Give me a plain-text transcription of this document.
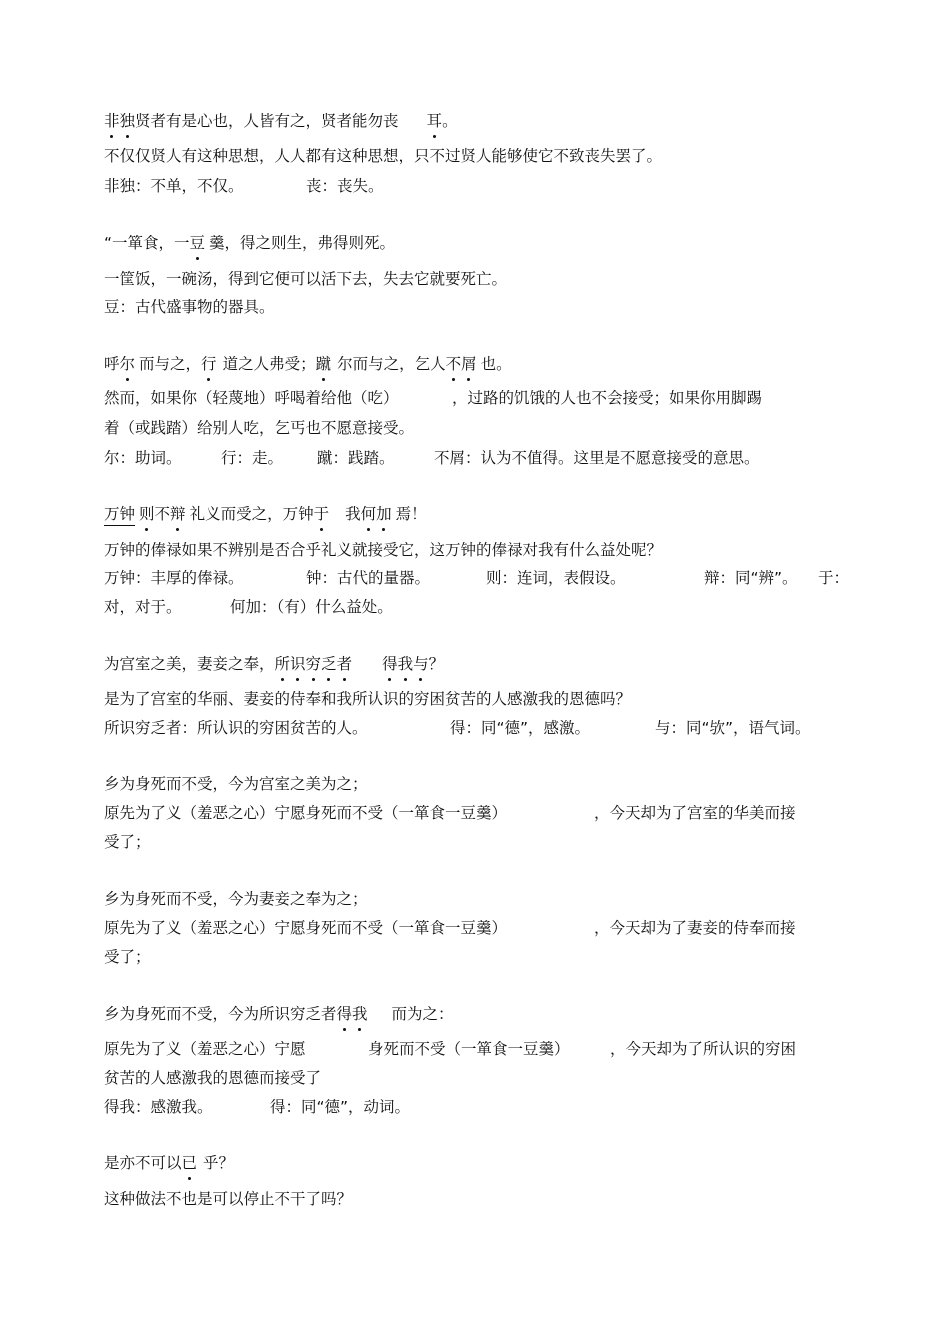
非独贤者有是心也，人皆有之，贤者能勿丧 耳。
不仅仅贤人有这种思想，人人都有这种思想，只不过贤人能够使它不致丧失罢了。
非独：不单，不仅。	丧：丧失。
“一箪食，一豆 羹，得之则生，弗得则死。
一筐饭，一碗汤，得到它便可以活下去，失去它就要死亡。
豆：古代盛事物的器具。
呼尔 而与之，行 道之人弗受；蹴 尔而与之，乞人不屑 也。
然而，如果你（轻蔑地）呼喝着给他（吃）	，过路的饥饿的人也不会接受；如果你用脚踢
着（或践踏）给别人吃，乞丐也不愿意接受。
尔：助词。	行：走。 蹴：践踏。	不屑：认为不值得。这里是不愿意接受的意思。
万钟 则不辩 礼义而受之，万钟于 我何加 焉！
万钟的俸禄如果不辨别是否合乎礼义就接受它，这万钟的俸禄对我有什么益处呢？
万钟：丰厚的俸禄。	钟：古代的量器。	则：连词，表假设。	辩：同“辨”。 于：
对，对于。	何加：（有）什么益处。
为宫室之美，妻妾之奉，所识穷乏者 得我与？
是为了宫室的华丽、妻妾的侍奉和我所认识的穷困贫苦的人感激我的恩德吗？
所识穷乏者：所认识的穷困贫苦的人。	得：同“德”，感激。	与：同“欤”，语气词。
乡为身死而不受，今为宫室之美为之；
原先为了义（羞恶之心）宁愿身死而不受（一箪食一豆羹）	，今天却为了宫室的华美而接
受了；
乡为身死而不受，今为妻妾之奉为之；
原先为了义（羞恶之心）宁愿身死而不受（一箪食一豆羹）	，今天却为了妻妾的侍奉而接
受了；
乡为身死而不受，今为所识穷乏者得我 而为之：
原先为了义（羞恶之心）宁愿	身死而不受（一箪食一豆羹）	，今天却为了所认识的穷困
贫苦的人感激我的恩德而接受了
得我：感激我。	得：同“德”，动词。
是亦不可以已 乎？
这种做法不也是可以停止不干了吗？
